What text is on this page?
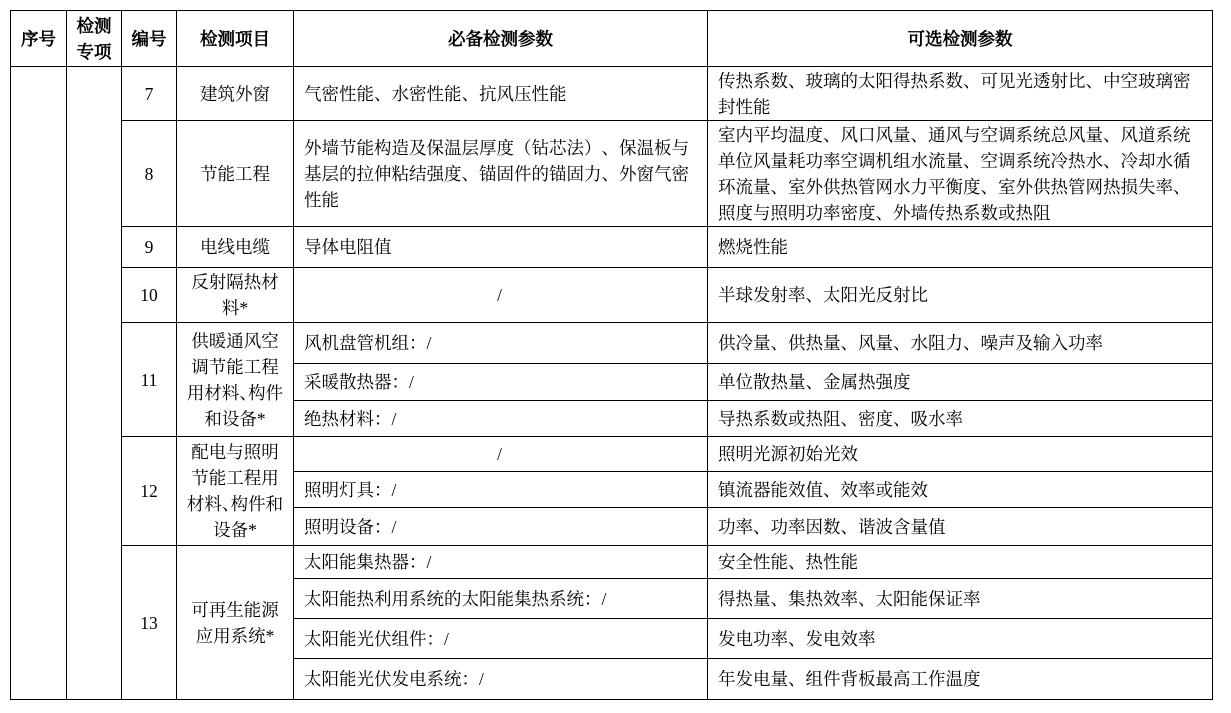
序号	检测专项	编号	检测项目	必备检测参数	可选检测参数
		7	建筑外窗	气密性能、水密性能、抗风压性能	传热系数、玻璃的太阳得热系数、可见光透射比、中空玻璃密封性能
		8	节能工程	外墙节能构造及保温层厚度（钻芯法）、保温板与基层的拉伸粘结强度、锚固件的锚固力、外窗气密性能	室内平均温度、风口风量、通风与空调系统总风量、风道系统单位风量耗功率空调机组水流量、空调系统冷热水、冷却水循环流量、室外供热管网水力平衡度、室外供热管网热损失率、照度与照明功率密度、外墙传热系数或热阻
		9	电线电缆	导体电阻值	燃烧性能
		10	反射隔热材料*	/	半球发射率、太阳光反射比
		11	供暖通风空调节能工程用材料、构件和设备*	风机盘管机组：/	供冷量、供热量、风量、水阻力、噪声及输入功率
				采暖散热器：/	单位散热量、金属热强度
				绝热材料：/	导热系数或热阻、密度、吸水率
		12	配电与照明节能工程用材料、构件和设备*	/	照明光源初始光效
				照明灯具：/	镇流器能效值、效率或能效
				照明设备：/	功率、功率因数、谐波含量值
		13	可再生能源应用系统*	太阳能集热器：/	安全性能、热性能
				太阳能热利用系统的太阳能集热系统：/	得热量、集热效率、太阳能保证率
				太阳能光伏组件：/	发电功率、发电效率
				太阳能光伏发电系统：/	年发电量、组件背板最高工作温度
